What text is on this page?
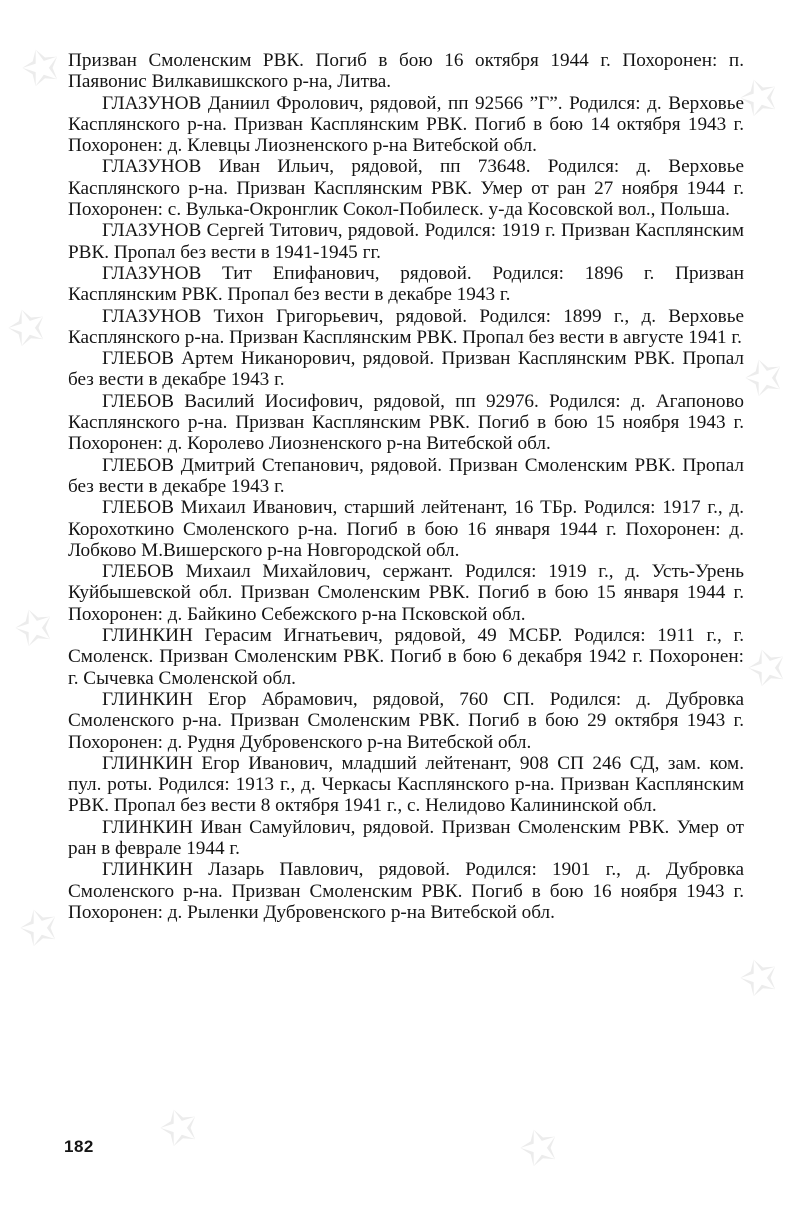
✩	✩
✩
✩
✩
✩
✩
✩
✩	✩

Призван Смоленским РВК. Погиб в бою 16 октября 1944 г. Похоронен: п. Паявонис Вилкавишкского р-на, Литва.

ГЛАЗУНОВ Даниил Фролович, рядовой, пп 92566 ”Г”. Родился: д. Верховье Касплянского р-на. Призван Касплянским РВК. Погиб в бою 14 октября 1943 г. Похоронен: д. Клевцы Лиозненского р-на Витебской обл.

ГЛАЗУНОВ Иван Ильич, рядовой, пп 73648. Родился: д. Верховье Касплянского р-на. Призван Касплянским РВК. Умер от ран 27 ноября 1944 г. Похоронен: с. Вулька-Окронглик Сокол-Побилеск. у-да Косовской вол., Польша.

ГЛАЗУНОВ Сергей Титович, рядовой. Родился: 1919 г. Призван Касплянским РВК. Пропал без вести в 1941-1945 гг.

ГЛАЗУНОВ Тит Епифанович, рядовой. Родился: 1896 г. Призван Касплянским РВК. Пропал без вести в декабре 1943 г.

ГЛАЗУНОВ Тихон Григорьевич, рядовой. Родился: 1899 г., д. Верховье Касплянского р-на. Призван Касплянским РВК. Пропал без вести в августе 1941 г.

ГЛЕБОВ Артем Никанорович, рядовой. Призван Касплянским РВК. Пропал без вести в декабре 1943 г.

ГЛЕБОВ Василий Иосифович, рядовой, пп 92976. Родился: д. Агапоново Касплянского р-на. Призван Касплянским РВК. Погиб в бою 15 ноября 1943 г. Похоронен: д. Королево Лиозненского р-на Витебской обл.

ГЛЕБОВ Дмитрий Степанович, рядовой. Призван Смоленским РВК. Пропал без вести в декабре 1943 г.

ГЛЕБОВ Михаил Иванович, старший лейтенант, 16 ТБр. Родился: 1917 г., д. Корохоткино Смоленского р-на. Погиб в бою 16 января 1944 г. Похоронен: д. Лобково М.Вишерского р-на Новгородской обл.

ГЛЕБОВ Михаил Михайлович, сержант. Родился: 1919 г., д. Усть-Урень Куйбышевской обл. Призван Смоленским РВК. Погиб в бою 15 января 1944 г. Похоронен: д. Байкино Себежского р-на Псковской обл.

ГЛИНКИН Герасим Игнатьевич, рядовой, 49 МСБР. Родился: 1911 г., г. Смоленск. Призван Смоленским РВК. Погиб в бою 6 декабря 1942 г. Похоронен: г. Сычевка Смоленской обл.

ГЛИНКИН Егор Абрамович, рядовой, 760 СП. Родился: д. Дубровка Смоленского р-на. Призван Смоленским РВК. Погиб в бою 29 октября 1943 г. Похоронен: д. Рудня Дубровенского р-на Витебской обл.

ГЛИНКИН Егор Иванович, младший лейтенант, 908 СП 246 СД, зам. ком. пул. роты. Родился: 1913 г., д. Черкасы Касплянского р-на. Призван Касплянским РВК. Пропал без вести 8 октября 1941 г., с. Нелидово Калининской обл.

ГЛИНКИН Иван Самуйлович, рядовой. Призван Смоленским РВК. Умер от ран в феврале 1944 г.

ГЛИНКИН Лазарь Павлович, рядовой. Родился: 1901 г., д. Дубровка Смоленского р-на. Призван Смоленским РВК. Погиб в бою 16 ноября 1943 г. Похоронен: д. Рыленки Дубровенского р-на Витебской обл.

182
